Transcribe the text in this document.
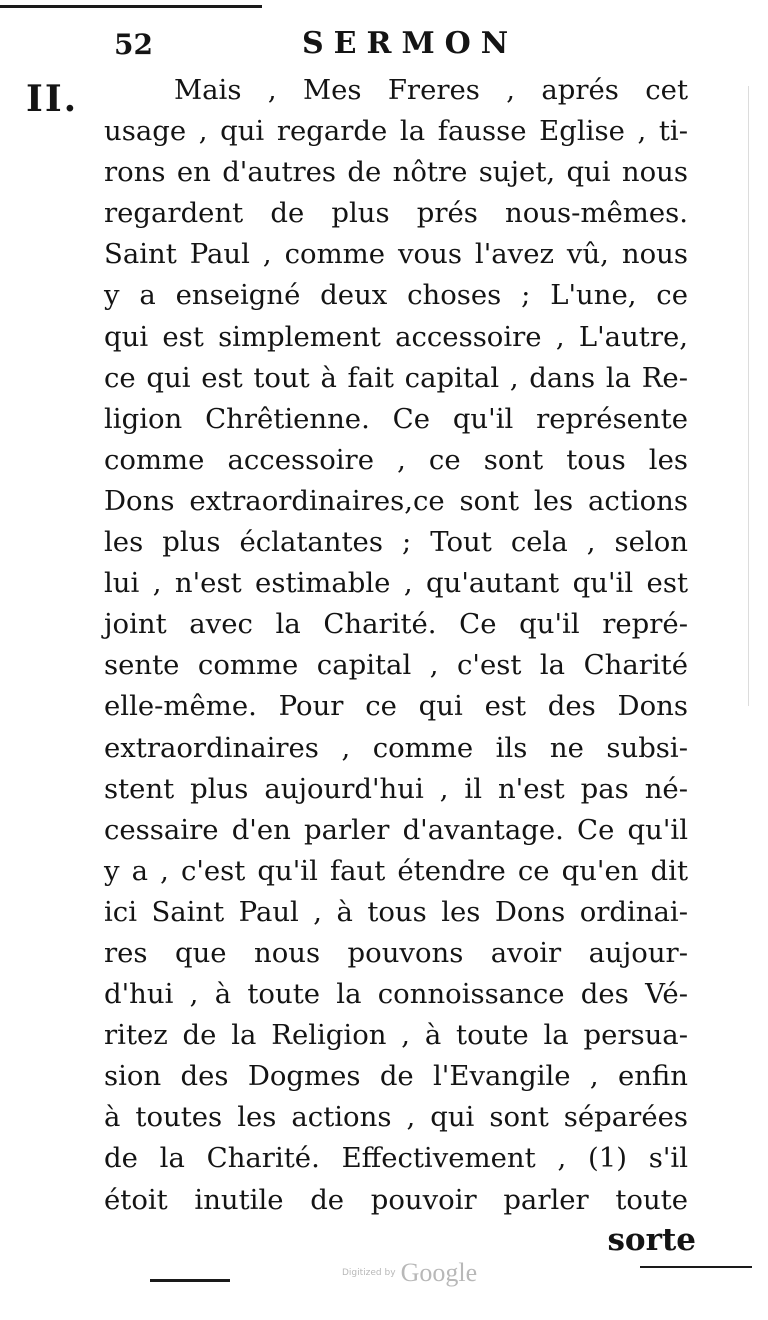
52	SERMON
II.	Mais , Mes Freres , aprés cet
usage , qui regarde la fausse Eglise , ti-
rons en d'autres de nôtre sujet, qui nous
regardent de plus prés nous-mêmes.
Saint Paul , comme vous l'avez vû, nous
y a enseigné deux choses ; L'une, ce
qui est simplement accessoire , L'autre,
ce qui est tout à fait capital , dans la Re-
ligion Chrêtienne. Ce qu'il représente
comme accessoire , ce sont tous les
Dons extraordinaires,ce sont les actions
les plus éclatantes ; Tout cela , selon
lui , n'est estimable , qu'autant qu'il est
joint avec la Charité. Ce qu'il repré-
sente comme capital , c'est la Charité
elle-même. Pour ce qui est des Dons
extraordinaires , comme ils ne subsi-
stent plus aujourd'hui , il n'est pas né-
cessaire d'en parler d'avantage. Ce qu'il
y a , c'est qu'il faut étendre ce qu'en dit
ici Saint Paul , à tous les Dons ordinai-
res que nous pouvons avoir aujour-
d'hui , à toute la connoissance des Vé-
ritez de la Religion , à toute la persua-
sion des Dogmes de l'Evangile , enfin
à toutes les actions , qui sont séparées
de la Charité. Effectivement , (1) s'il
étoit inutile de pouvoir parler toute
sorte
Digitized by Google
